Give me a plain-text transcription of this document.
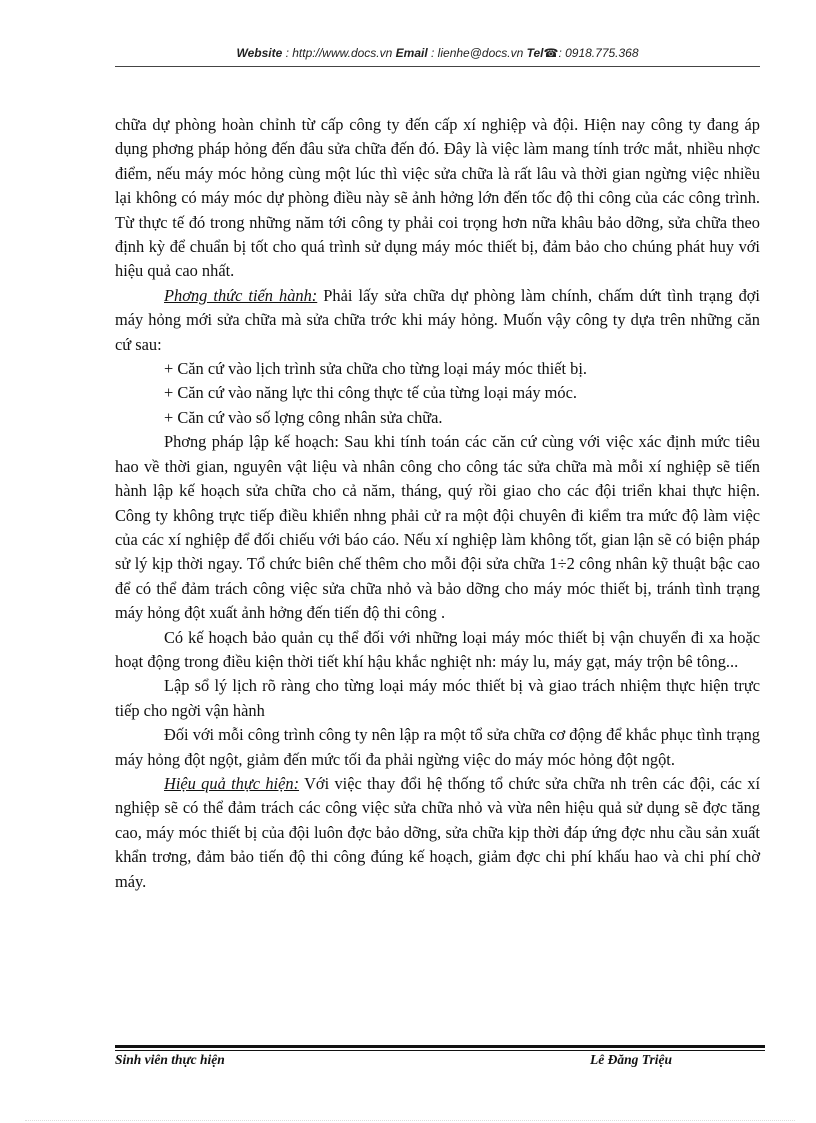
Website : http://www.docs.vn Email : lienhe@docs.vn Tel☎: 0918.775.368

chữa dự phòng hoàn chỉnh từ cấp công ty đến cấp xí nghiệp và đội. Hiện nay công ty đang áp dụng phơng pháp hỏng đến đâu sửa chữa đến đó. Đây là việc làm mang tính trớc mắt, nhiều nhợc điểm, nếu máy móc hỏng cùng một lúc thì việc sửa chữa là rất lâu và thời gian ngừng việc nhiều lại không có máy móc dự phòng điều này sẽ ảnh hởng lớn đến tốc độ thi công của các công trình. Từ thực tế đó trong những năm tới công ty phải coi trọng hơn nữa khâu bảo dỡng, sửa chữa theo định kỳ để chuẩn bị tốt cho quá trình sử dụng máy móc thiết bị, đảm bảo cho chúng phát huy với hiệu quả cao nhất.

Phơng thức tiến hành: Phải lấy sửa chữa dự phòng làm chính, chấm dứt tình trạng đợi máy hỏng mới sửa chữa mà sửa chữa trớc khi máy hỏng. Muốn vậy công ty dựa trên những căn cứ sau:

+ Căn cứ vào lịch trình sửa chữa cho từng loại máy móc thiết bị.

+ Căn cứ vào năng lực thi công thực tế của từng loại máy móc.

+ Căn cứ vào số lợng công nhân sửa chữa.

Phơng pháp lập kế hoạch: Sau khi tính toán các căn cứ cùng với việc xác định mức tiêu hao về thời gian, nguyên vật liệu và nhân công cho công tác sửa chữa mà mỗi xí nghiệp sẽ tiến hành lập kế hoạch sửa chữa cho cả năm, tháng, quý rồi giao cho các đội triển khai thực hiện. Công ty không trực tiếp điều khiển nhng phải cử ra một đội chuyên đi kiểm tra mức độ làm việc của các xí nghiệp để đối chiếu với báo cáo. Nếu xí nghiệp làm không tốt, gian lận sẽ có biện pháp sử lý kịp thời ngay. Tổ chức biên chế thêm cho mỗi đội sửa chữa 1÷2 công nhân kỹ thuật bậc cao để có thể đảm trách công việc sửa chữa nhỏ và bảo dỡng cho máy móc thiết bị, tránh tình trạng máy hỏng đột xuất ảnh hởng đến tiến độ thi công .

Có kế hoạch bảo quản cụ thể đối với những loại máy móc thiết bị vận chuyển đi xa hoặc hoạt động trong điều kiện thời tiết khí hậu khắc nghiệt nh: máy lu, máy gạt, máy trộn bê tông...

Lập sổ lý lịch rõ ràng cho từng loại máy móc thiết bị và giao trách nhiệm thực hiện trực tiếp cho ngời vận hành

Đối với mỗi công trình công ty nên lập ra một tổ sửa chữa cơ động để khắc phục tình trạng máy hỏng đột ngột, giảm đến mức tối đa phải ngừng việc do máy móc hỏng đột ngột.

Hiệu quả thực hiện: Với việc thay đổi hệ thống tổ chức sửa chữa nh trên các đội, các xí nghiệp sẽ có thể đảm trách các công việc sửa chữa nhỏ và vừa nên hiệu quả sử dụng sẽ đợc tăng cao, máy móc thiết bị của đội luôn đợc bảo dỡng, sửa chữa kịp thời đáp ứng đợc nhu cầu sản xuất khẩn trơng, đảm bảo tiến độ thi công đúng kế hoạch, giảm đợc chi phí khấu hao và chi phí chờ máy.

Sinh viên thực hiện	Lê Đăng Triệu
